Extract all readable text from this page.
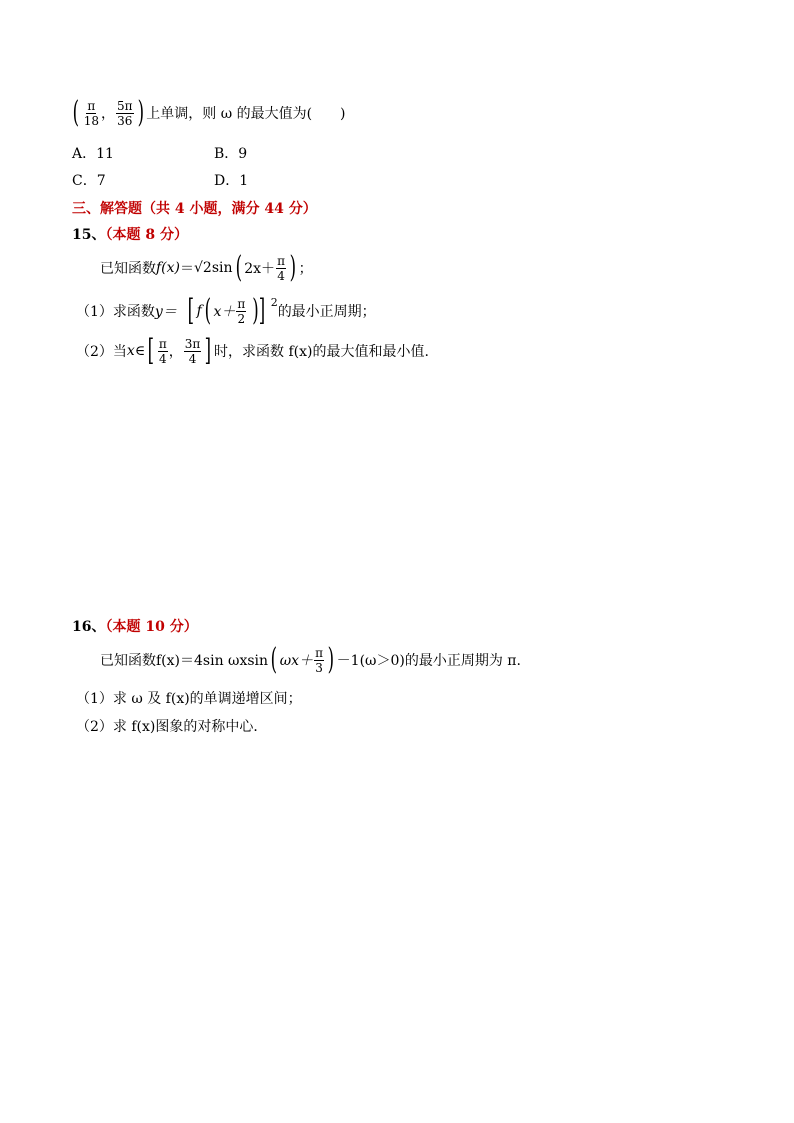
( $\frac{\pi}{18}$ ， $\frac{5\pi}{36}$ ) 上单调，则 ω 的最大值为(　　)
A．11	B．9
C．7	D．1
三、解答题（共 4 小题，满分 44 分）
15、（本题 8 分）
已知函数 f(x) ＝ √2 sin ( $2x+ \frac{\pi}{4}$ ) ；
（1）求函数 y＝ [ f ( $x+ \frac{\pi}{2}$ )] $^2$
的最小正周期；
（2）当 x∈ [ $\frac{\pi}{4}$ ， $\frac{3\pi}{4}$ ] 时，求函数 f(x)的最大值和最小值.
16、（本题 10 分）
已知函数 f(x)＝4sin ωxsin ( $\omega x+ \frac{\pi}{3}$ ) －1(ω＞0)的最小正周期为 π.
（1）求 ω 及 f(x)的单调递增区间；
（2）求 f(x)图象的对称中心．
